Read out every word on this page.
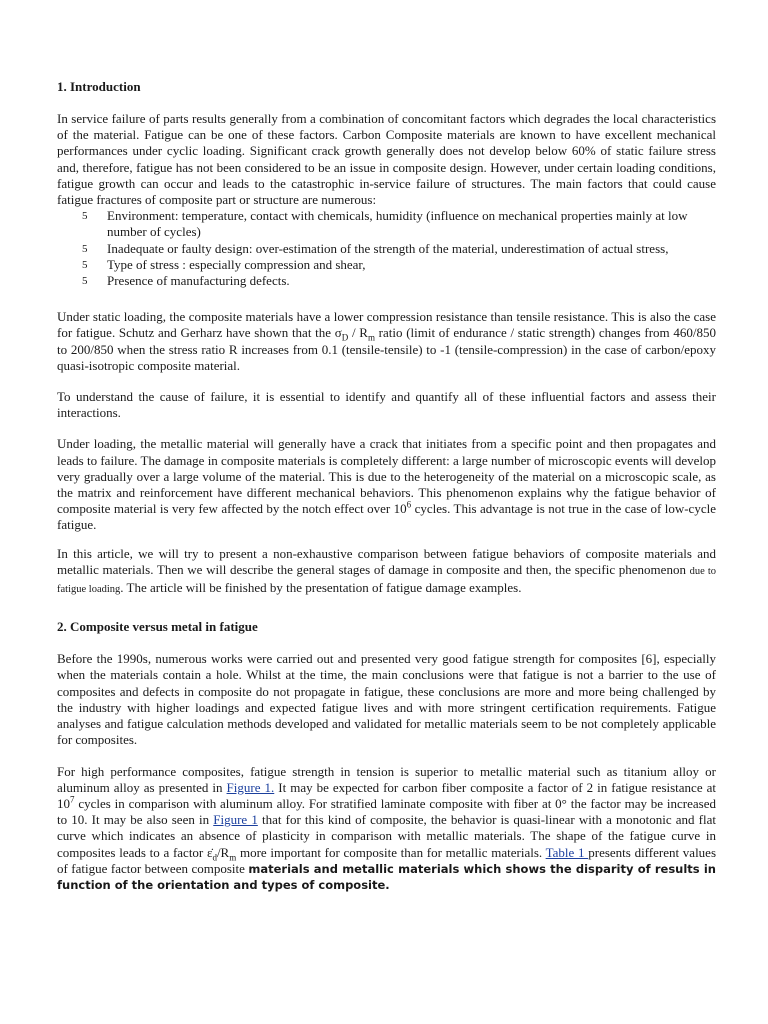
1. Introduction

In service failure of parts results generally from a combination of concomitant factors which degrades the local characteristics of the material. Fatigue can be one of these factors. Carbon Composite materials are known to have excellent mechanical performances under cyclic loading. Significant crack growth generally does not develop below 60% of static failure stress and, therefore, fatigue has not been considered to be an issue in composite design. However, under certain loading conditions, fatigue growth can occur and leads to the catastrophic in-service failure of structures. The main factors that could cause fatigue fractures of composite part or structure are numerous:

5 Environment: temperature, contact with chemicals, humidity (influence on mechanical properties mainly at low number of cycles)
5 Inadequate or faulty design: over-estimation of the strength of the material, underestimation of actual stress,
5 Type of stress : especially compression and shear,
5 Presence of manufacturing defects.

Under static loading, the composite materials have a lower compression resistance than tensile resistance. This is also the case for fatigue. Schutz and Gerharz have shown that the $\sigma_D / R_m$ ratio (limit of endurance / static strength) changes from 460/850 to 200/850 when the stress ratio R increases from 0.1 (tensile-tensile) to -1 (tensile-compression) in the case of carbon/epoxy quasi-isotropic composite material.

To understand the cause of failure, it is essential to identify and quantify all of these influential factors and assess their interactions.

Under loading, the metallic material will generally have a crack that initiates from a specific point and then propagates and leads to failure. The damage in composite materials is completely different: a large number of microscopic events will develop very gradually over a large volume of the material. This is due to the heterogeneity of the material on a microscopic scale, as the matrix and reinforcement have different mechanical behaviors. This phenomenon explains why the fatigue behavior of composite material is very few affected by the notch effect over $10^6$ cycles. This advantage is not true in the case of low-cycle fatigue.

In this article, we will try to present a non-exhaustive comparison between fatigue behaviors of composite materials and metallic materials. Then we will describe the general stages of damage in composite and then, the specific phenomenon due to fatigue loading. The article will be finished by the presentation of fatigue damage examples.

2. Composite versus metal in fatigue

Before the 1990s, numerous works were carried out and presented very good fatigue strength for composites [6], especially when the materials contain a hole. Whilst at the time, the main conclusions were that fatigue is not a barrier to the use of composites and defects in composite do not propagate in fatigue, these conclusions are more and more being challenged by the industry with higher loadings and expected fatigue lives and with more stringent certification requirements. Fatigue analyses and fatigue calculation methods developed and validated for metallic materials seem to be not completely applicable for composites.

For high performance composites, fatigue strength in tension is superior to metallic material such as titanium alloy or aluminum alloy as presented in Figure 1. It may be expected for carbon fiber composite a factor of 2 in fatigue resistance at $10^7$ cycles in comparison with aluminum alloy. For stratified laminate composite with fiber at 0° the factor may be increased to 10. It may be also seen in Figure 1 that for this kind of composite, the behavior is quasi-linear with a monotonic and flat curve which indicates an absence of plasticity in comparison with metallic materials. The shape of the fatigue curve in composites leads to a factor $\varepsiloṅ_d/R_m$ more important for composite than for metallic materials. Table 1 presents different values of fatigue factor between composite materials and metallic materials which shows the disparity of results in function of the orientation and types of composite.
